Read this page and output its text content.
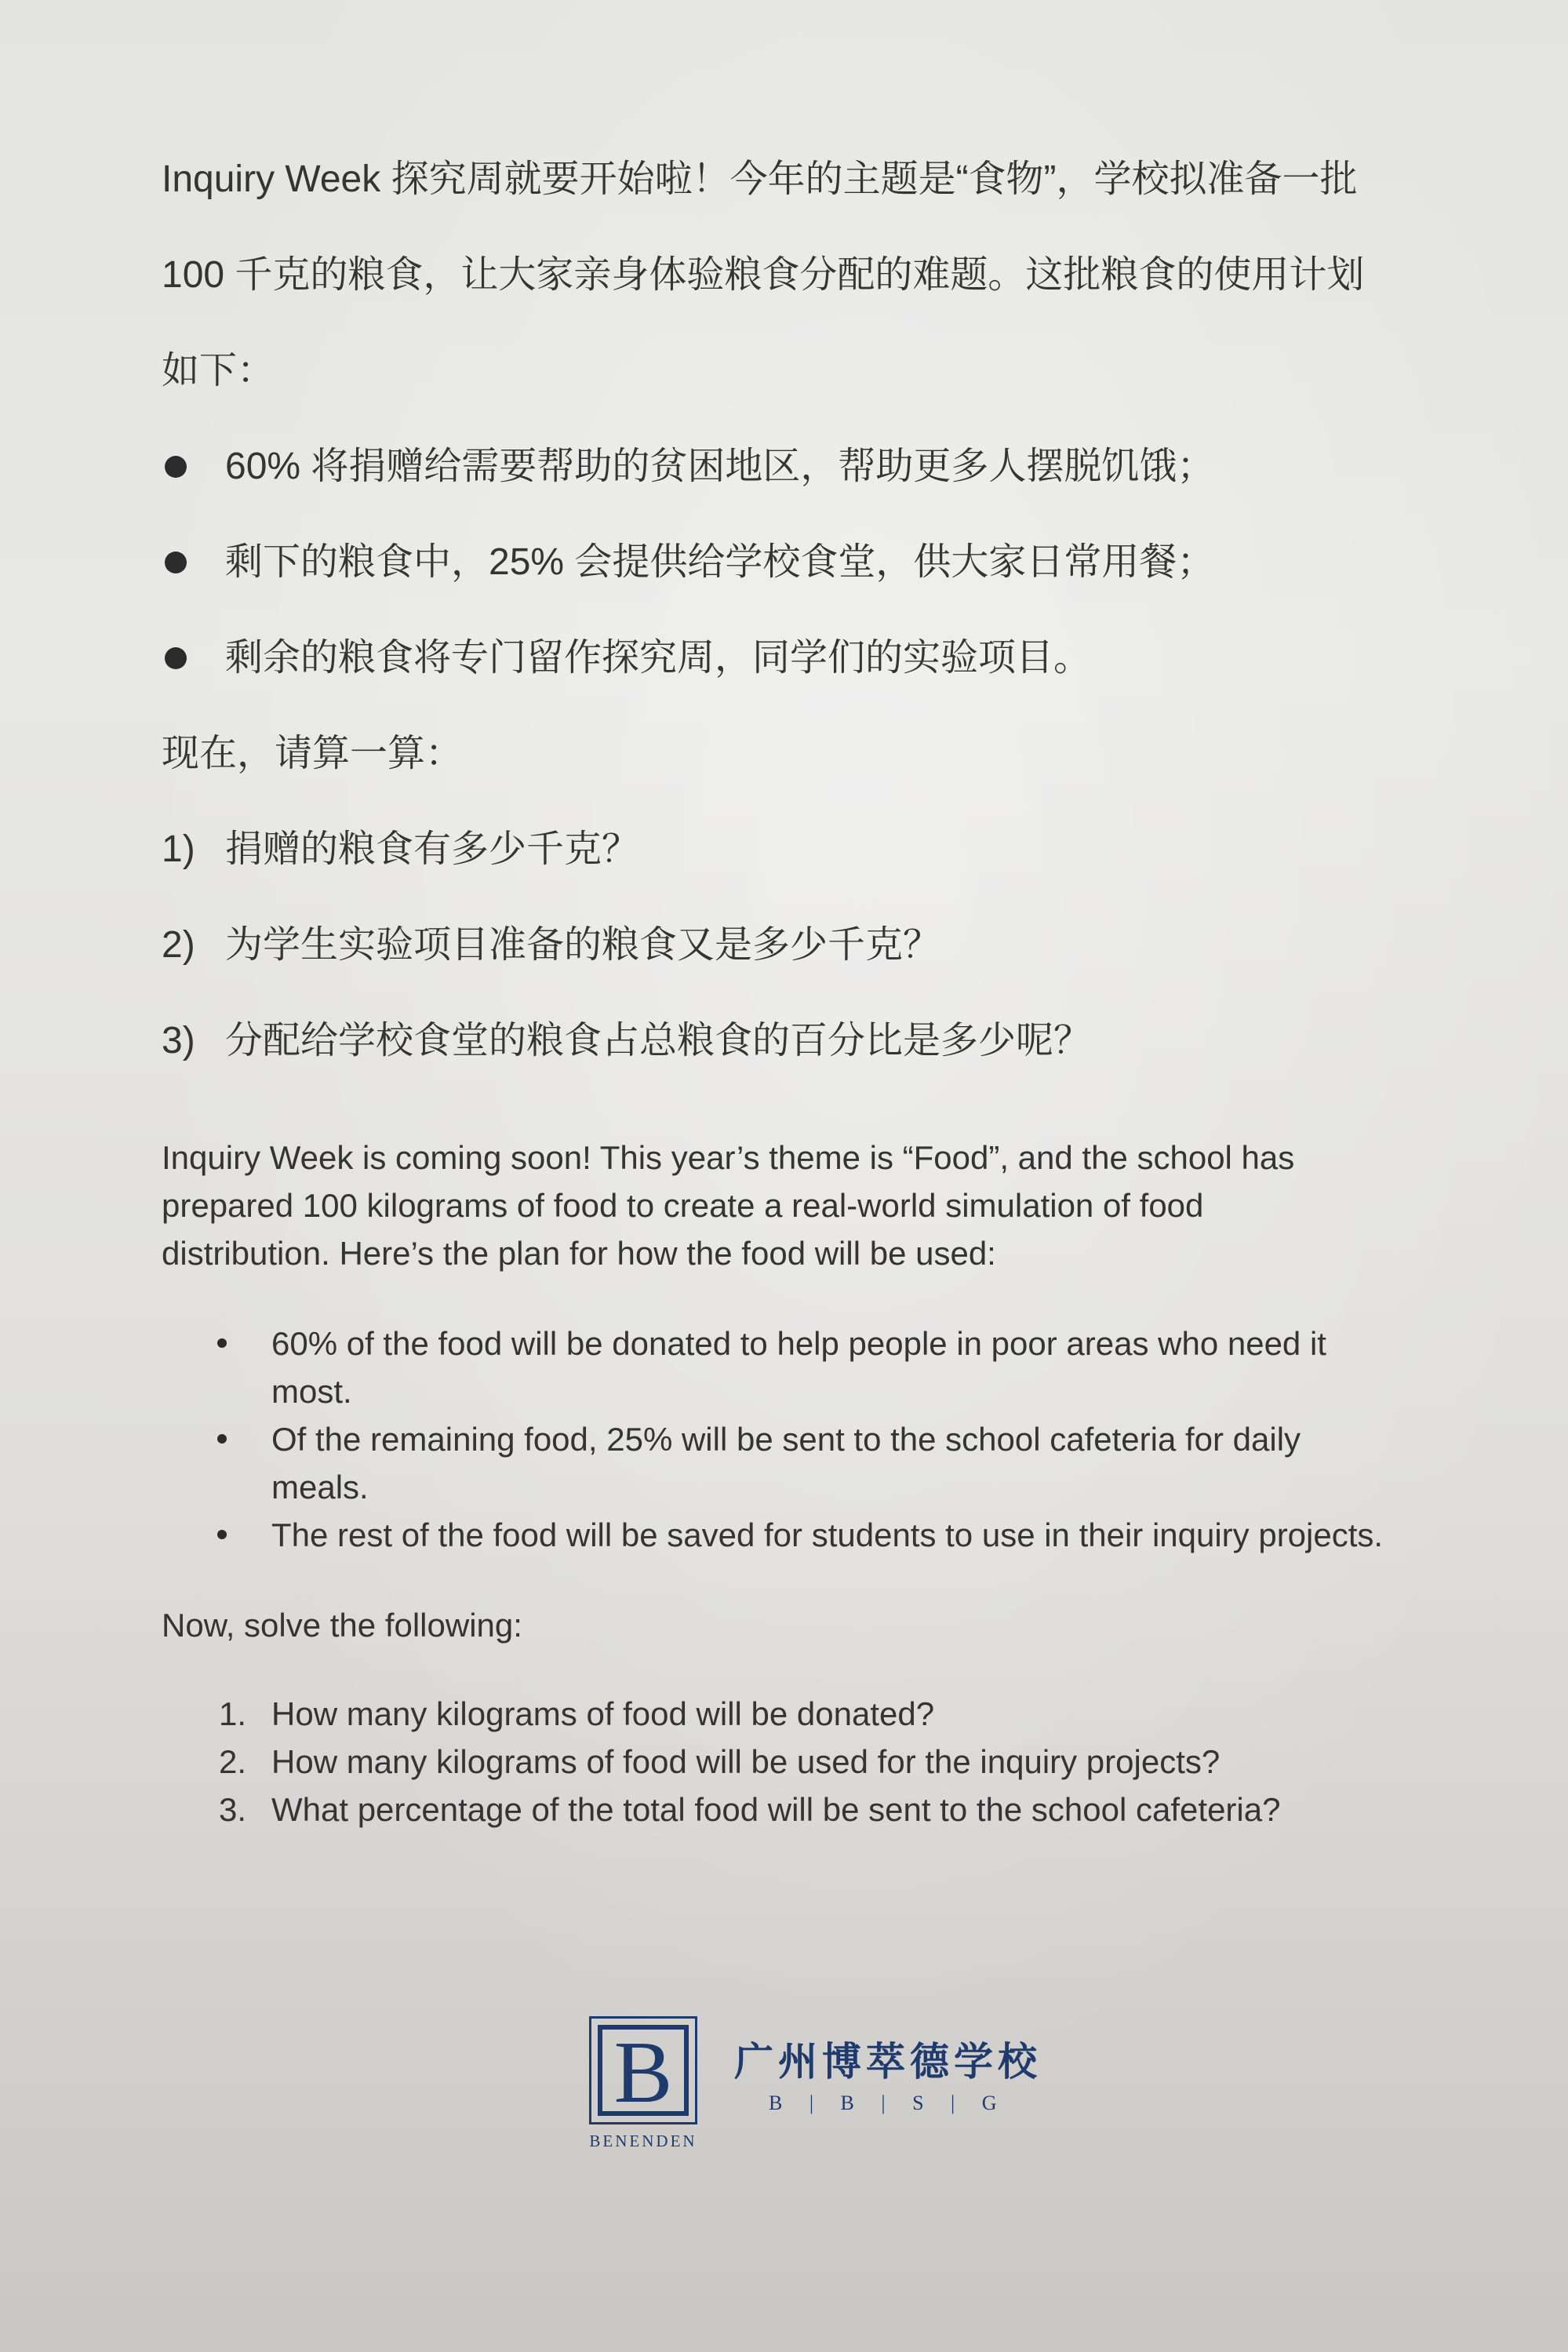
Inquiry Week 探究周就要开始啦！今年的主题是“食物”，学校拟准备一批
100 千克的粮食，让大家亲身体验粮食分配的难题。这批粮食的使用计划
如下：
60% 将捐赠给需要帮助的贫困地区，帮助更多人摆脱饥饿；
剩下的粮食中，25% 会提供给学校食堂，供大家日常用餐；
剩余的粮食将专门留作探究周，同学们的实验项目。
现在，请算一算：
1) 捐赠的粮食有多少千克？
2) 为学生实验项目准备的粮食又是多少千克？
3) 分配给学校食堂的粮食占总粮食的百分比是多少呢？
Inquiry Week is coming soon! This year’s theme is “Food”, and the school has
prepared 100 kilograms of food to create a real-world simulation of food
distribution. Here’s the plan for how the food will be used:
60% of the food will be donated to help people in poor areas who need it
most.
Of the remaining food, 25% will be sent to the school cafeteria for daily
meals.
The rest of the food will be saved for students to use in their inquiry projects.
Now, solve the following:
1. How many kilograms of food will be donated?
2. How many kilograms of food will be used for the inquiry projects?
3. What percentage of the total food will be sent to the school cafeteria?
B
BENENDEN
广州博萃德学校
B | B | S | G
